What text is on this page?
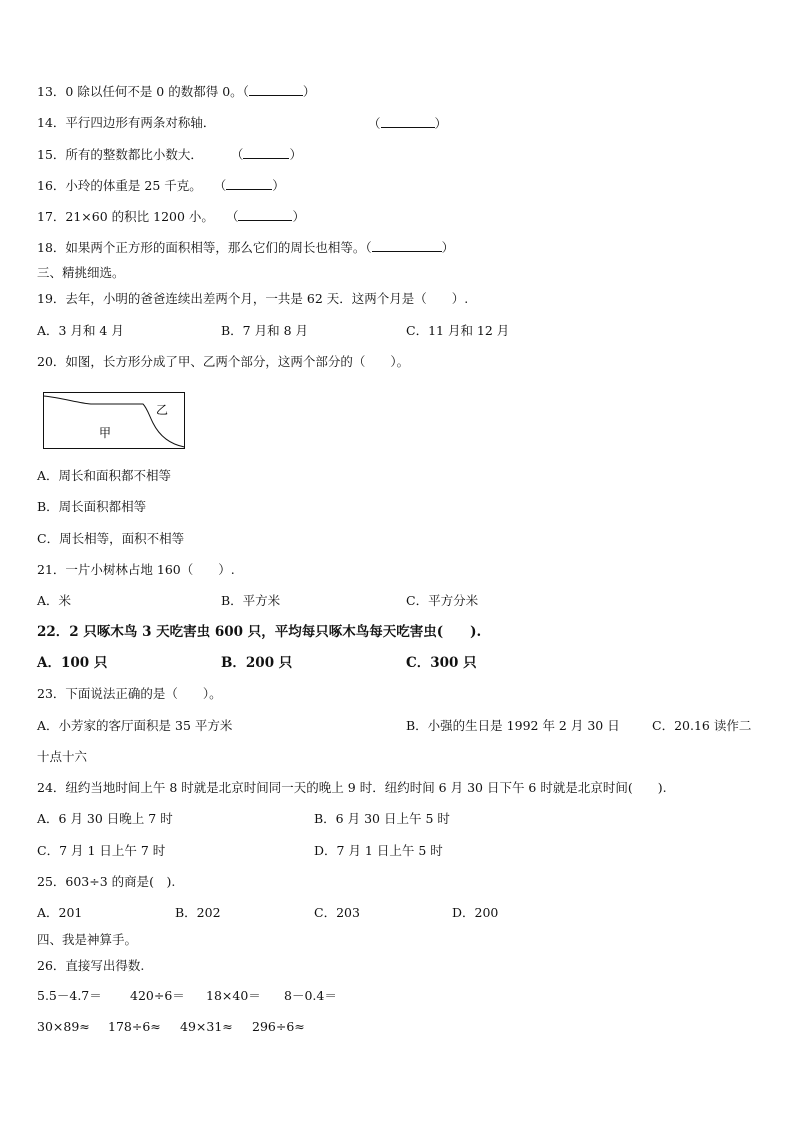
13．0 除以任何不是 0 的数都得 0。（	）
14．平行四边形有两条对称轴．	（	）
15．所有的整数都比小数大． （	）
16．小玲的体重是 25 千克。 （	）
17．21×60 的积比 1200 小。 （	）
18．如果两个正方形的面积相等，那么它们的周长也相等。（	）
三、精挑细选。
19．去年，小明的爸爸连续出差两个月，一共是 62 天．这两个月是（　　）.
A．3 月和 4 月	B．7 月和 8 月	C．11 月和 12 月
20．如图，长方形分成了甲、乙两个部分，这两个部分的（　　）。
甲
乙
A．周长和面积都不相等
B．周长面积都相等
C．周长相等，面积不相等
21．一片小树林占地 160（　　）.
A．米	B．平方米	C．平方分米
22．2 只啄木鸟 3 天吃害虫 600 只，平均每只啄木鸟每天吃害虫(　　).
A．100 只	B．200 只	C．300 只
23．下面说法正确的是（　　）。
A．小芳家的客厅面积是 35 平方米	B．小强的生日是 1992 年 2 月 30 日	C．20.16 读作二
十点十六
24．纽约当地时间上午 8 时就是北京时间同一天的晚上 9 时．纽约时间 6 月 30 日下午 6 时就是北京时间(　　).
A．6 月 30 日晚上 7 时	B．6 月 30 日上午 5 时
C．7 月 1 日上午 7 时	D．7 月 1 日上午 5 时
25．603÷3 的商是(　).
A．201	B．202	C．203	D．200
四、我是神算手。
26．直接写出得数.
5.5－4.7＝ 420÷6＝ 18×40＝ 8－0.4＝
30×89≈ 178÷6≈ 49×31≈ 296÷6≈
